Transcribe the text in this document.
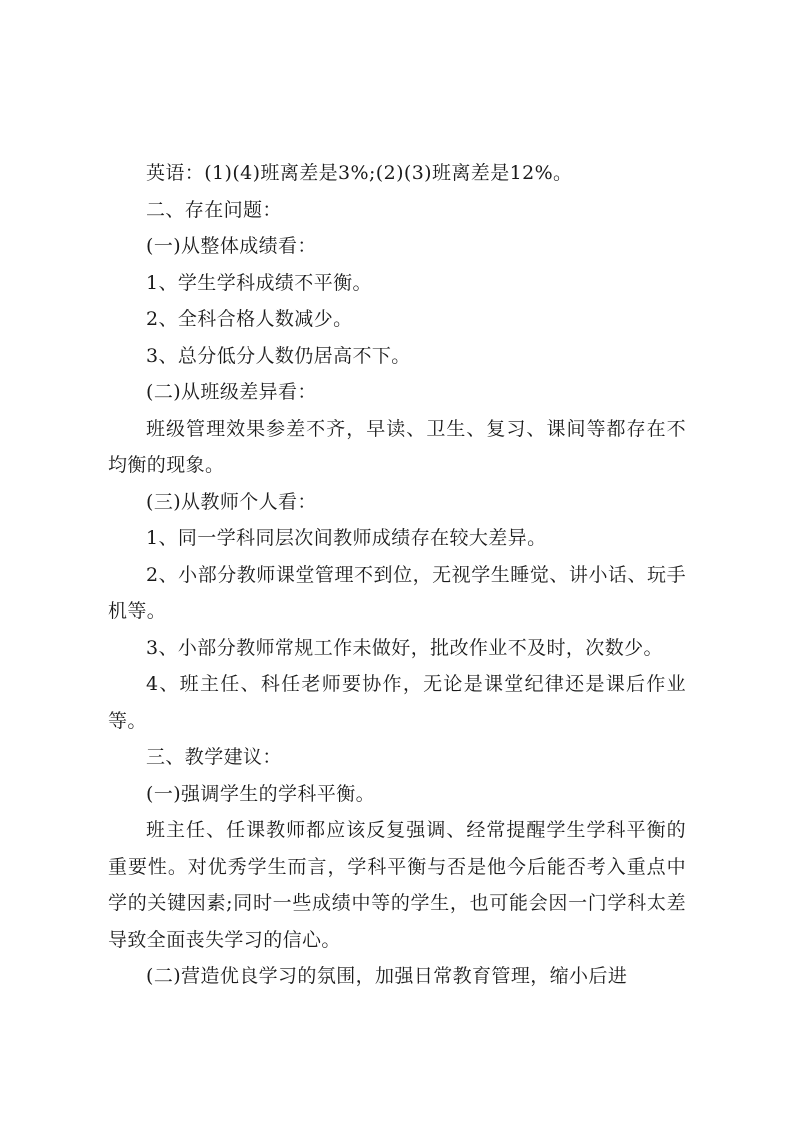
英语：(1)(4)班离差是3%;(2)(3)班离差是12%。

二、存在问题：

(一)从整体成绩看：

1、学生学科成绩不平衡。

2、全科合格人数减少。

3、总分低分人数仍居高不下。

(二)从班级差异看：

班级管理效果参差不齐，早读、卫生、复习、课间等都存在不均衡的现象。

(三)从教师个人看：

1、同一学科同层次间教师成绩存在较大差异。

2、小部分教师课堂管理不到位，无视学生睡觉、讲小话、玩手机等。

3、小部分教师常规工作未做好，批改作业不及时，次数少。

4、班主任、科任老师要协作，无论是课堂纪律还是课后作业等。

三、教学建议：

(一)强调学生的学科平衡。

班主任、任课教师都应该反复强调、经常提醒学生学科平衡的重要性。对优秀学生而言，学科平衡与否是他今后能否考入重点中学的关键因素;同时一些成绩中等的学生，也可能会因一门学科太差导致全面丧失学习的信心。

(二)营造优良学习的氛围，加强日常教育管理，缩小后进
